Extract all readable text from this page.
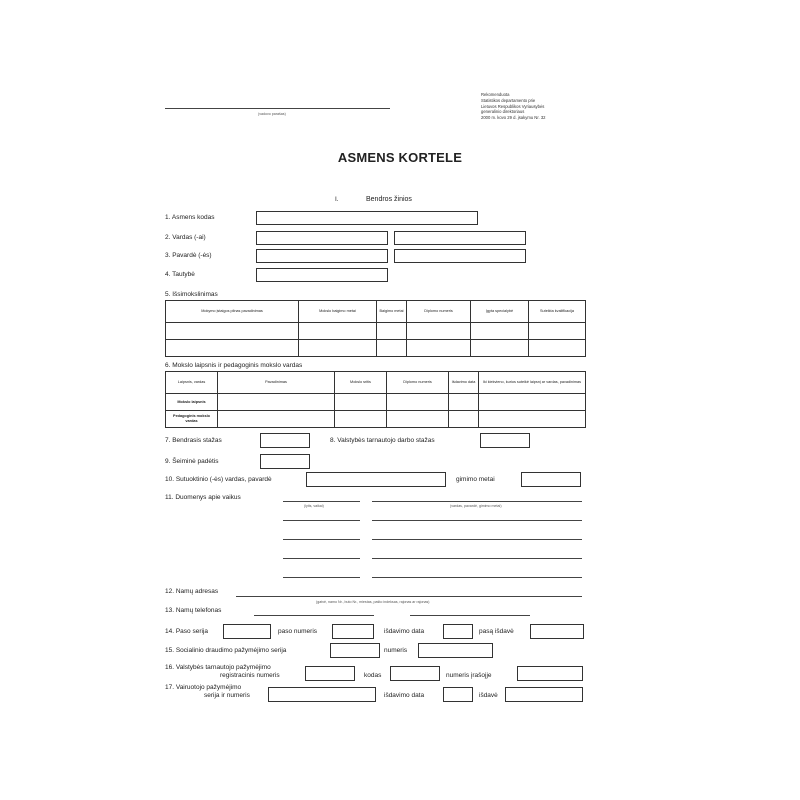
(vadovo parašas)
Rekomenduota
Statistikos departamento prie
Lietuvos Respublikos Vyriausybės
generalinio direktoriaus
2000 m. kovo 29 d. įsakymu Nr. 32
ASMENS KORTELE
I.	Bendros žinios
1. Asmens kodas
2. Vardas (-ai)
3. Pavardė (-ės)
4. Tautybė
5. Išsimokslinimas
Mokymo įstaigos pilnas pavadinimas	Mokslo baigimo metai	Baigimo metai	Diplomo numeris	Įgyta specialybė	Suteikta kvalifikacija

6. Mokslo laipsnis ir pedagoginis mokslo vardas
Laipsnis, vardas	Pavadinimas	Mokslo sritis	Diplomo numeris	Išdavimo data	Iki kiekvieno, kurios suteikė laipsnį ar vardas, pavadinimas
Mokslo laipsnis					
Pedagoginis mokslo vardas					
7. Bendrasis stažas	8. Valstybės tarnautojo darbo stažas
9. Šeiminė padėtis
10. Sutuoktinio (-ės) vardas, pavardė	gimimo metai
11. Duomenys apie vaikus
(lytis, vaikai)	(vardas, pavardė, gimimo metai)
12. Namų adresas
(gatvė, namo Nr., buto Nr., miestas, pašto indeksas, rajonas ar rajonas)
13. Namų telefonas
14. Paso serija	paso numeris	išdavimo data	pasą išdavė
15. Socialinio draudimo pažymėjimo serija	numeris
16. Valstybės tarnautojo pažymėjimo
registracinis numeris	kodas	numeris įrašojje
17. Vairuotojo pažymėjimo
serija ir numeris	išdavimo data	išdavė
